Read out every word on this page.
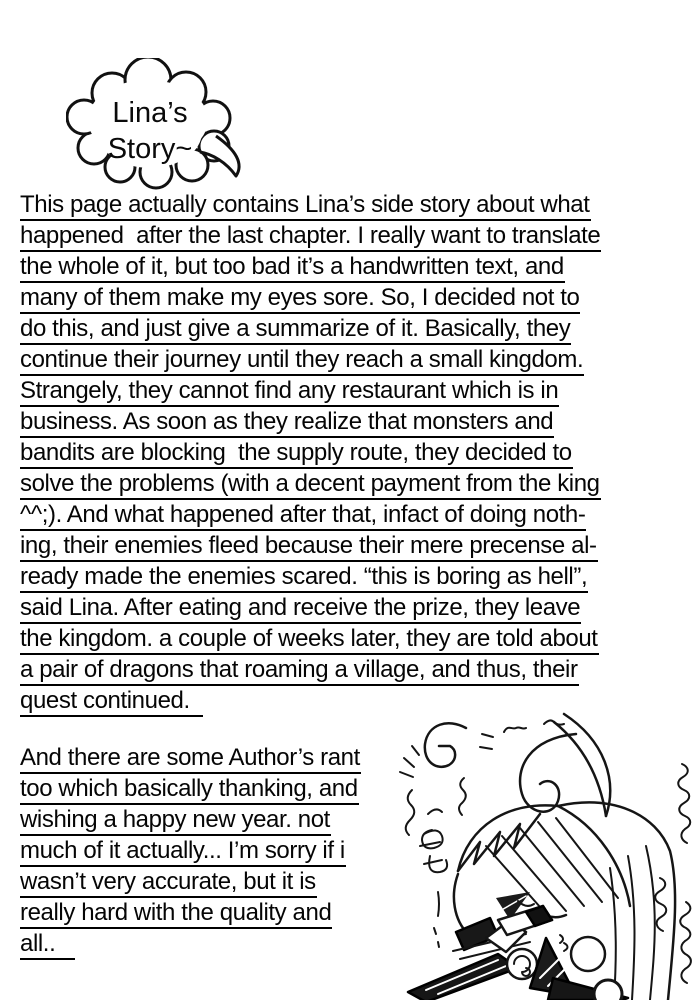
Lina’s
Story~
This page actually contains Lina’s side story about what
happened  after the last chapter. I really want to translate
the whole of it, but too bad it’s a handwritten text, and
many of them make my eyes sore. So, I decided not to
do this, and just give a summarize of it. Basically, they
continue their journey until they reach a small kingdom.
Strangely, they cannot find any restaurant which is in
business. As soon as they realize that monsters and
bandits are blocking  the supply route, they decided to
solve the problems (with a decent payment from the king
^^;). And what happened after that, infact of doing noth-
ing, their enemies fleed because their mere precense al-
ready made the enemies scared. “this is boring as hell”,
said Lina. After eating and receive the prize, they leave
the kingdom. a couple of weeks later, they are told about
a pair of dragons that roaming a village, and thus, their
quest continued.
And there are some Author’s rant
too which basically thanking, and
wishing a happy new year. not
much of it actually... I’m sorry if i
wasn’t very accurate, but it is
really hard with the quality and
all..
